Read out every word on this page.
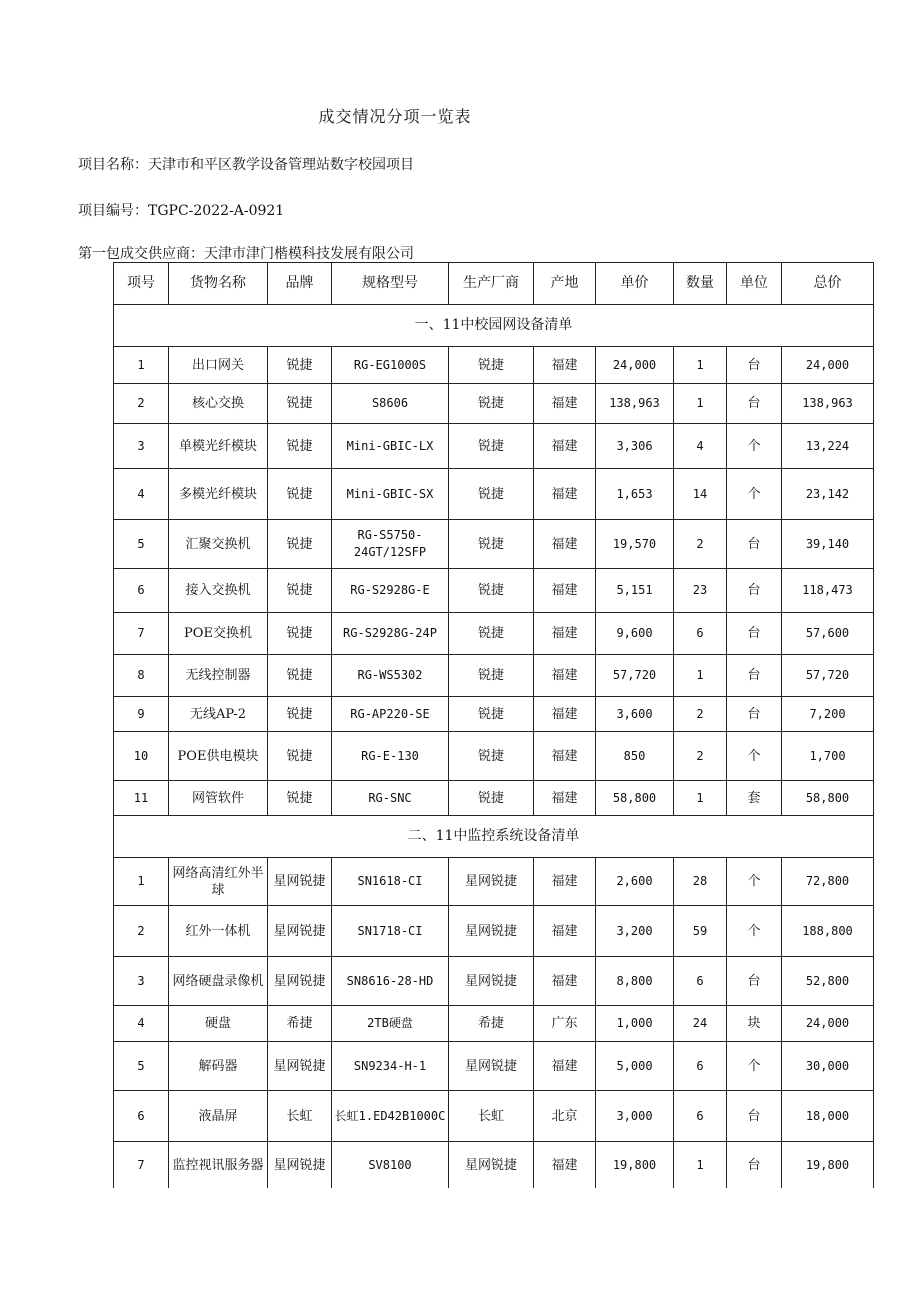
成交情况分项一览表
项目名称：天津市和平区教学设备管理站数字校园项目
项目编号：TGPC-2022-A-0921
第一包成交供应商：天津市津门楷模科技发展有限公司
项号	货物名称	品牌	规格型号	生产厂商	产地	单价	数量	单位	总价
一、11中校园网设备清单									
1	出口网关	锐捷	RG-EG1000S	锐捷	福建	24,000	1	台	24,000
2	核心交换	锐捷	S8606	锐捷	福建	138,963	1	台	138,963
3	单模光纤模块	锐捷	Mini-GBIC-LX	锐捷	福建	3,306	4	个	13,224
4	多模光纤模块	锐捷	Mini-GBIC-SX	锐捷	福建	1,653	14	个	23,142
5	汇聚交换机	锐捷	RG-S5750-24GT/12SFP	锐捷	福建	19,570	2	台	39,140
6	接入交换机	锐捷	RG-S2928G-E	锐捷	福建	5,151	23	台	118,473
7	POE交换机	锐捷	RG-S2928G-24P	锐捷	福建	9,600	6	台	57,600
8	无线控制器	锐捷	RG-WS5302	锐捷	福建	57,720	1	台	57,720
9	无线AP-2	锐捷	RG-AP220-SE	锐捷	福建	3,600	2	台	7,200
10	POE供电模块	锐捷	RG-E-130	锐捷	福建	850	2	个	1,700
11	网管软件	锐捷	RG-SNC	锐捷	福建	58,800	1	套	58,800
二、11中监控系统设备清单									
1	网络高清红外半球	星网锐捷	SN1618-CI	星网锐捷	福建	2,600	28	个	72,800
2	红外一体机	星网锐捷	SN1718-CI	星网锐捷	福建	3,200	59	个	188,800
3	网络硬盘录像机	星网锐捷	SN8616-28-HD	星网锐捷	福建	8,800	6	台	52,800
4	硬盘	希捷	2TB硬盘	希捷	广东	1,000	24	块	24,000
5	解码器	星网锐捷	SN9234-H-1	星网锐捷	福建	5,000	6	个	30,000
6	液晶屏	长虹	长虹1.ED42B1000C	长虹	北京	3,000	6	台	18,000
7	监控视讯服务器	星网锐捷	SV8100	星网锐捷	福建	19,800	1	台	19,800
